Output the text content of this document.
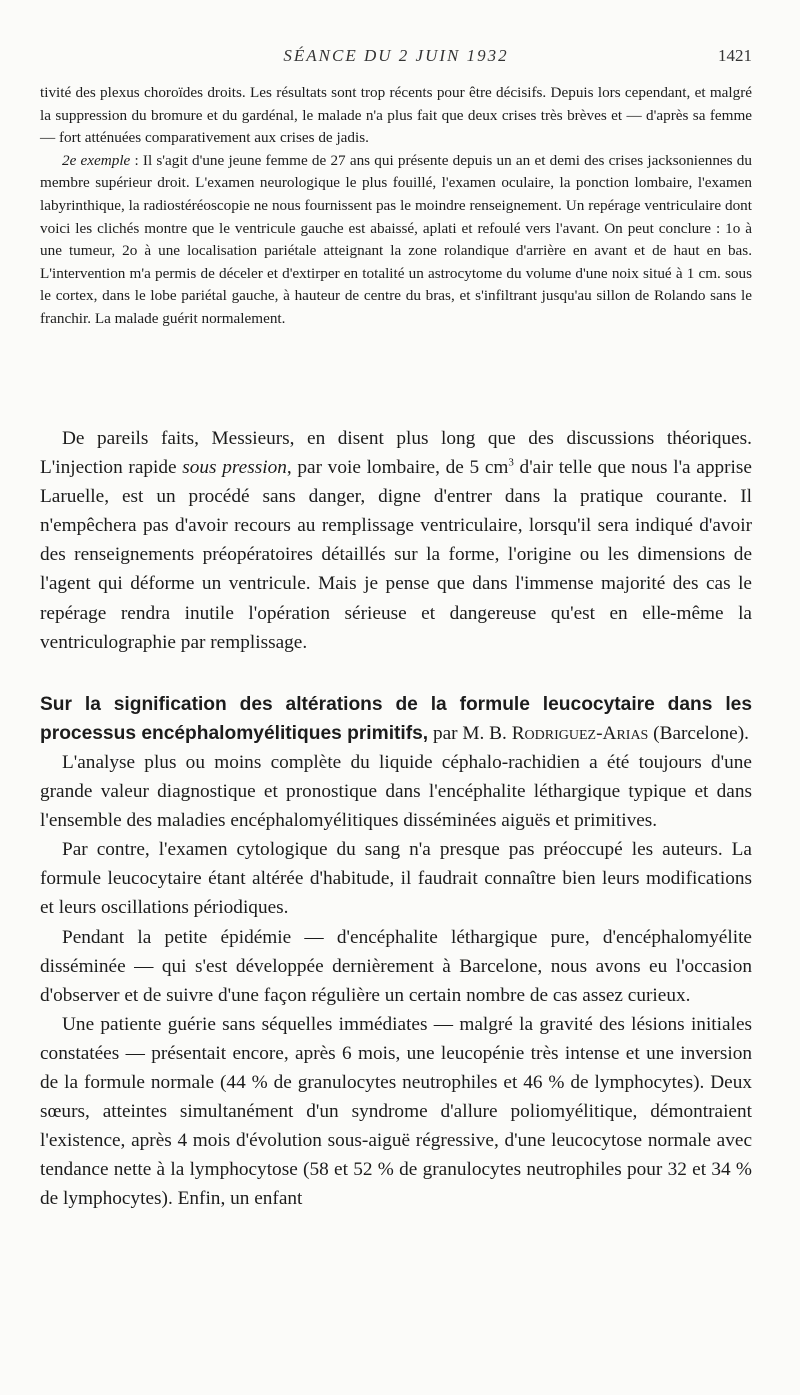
SÉANCE DU 2 JUIN 1932	1421

tivité des plexus choroïdes droits. Les résultats sont trop récents pour être décisifs. Depuis lors cependant, et malgré la suppression du bromure et du gardénal, le malade n'a plus fait que deux crises très brèves et — d'après sa femme — fort atténuées comparativement aux crises de jadis.

2e exemple : Il s'agit d'une jeune femme de 27 ans qui présente depuis un an et demi des crises jacksoniennes du membre supérieur droit. L'examen neurologique le plus fouillé, l'examen oculaire, la ponction lombaire, l'examen labyrinthique, la radiostéréoscopie ne nous fournissent pas le moindre renseignement. Un repérage ventriculaire dont voici les clichés montre que le ventricule gauche est abaissé, aplati et refoulé vers l'avant. On peut conclure : 1o à une tumeur, 2o à une localisation pariétale atteignant la zone rolandique d'arrière en avant et de haut en bas. L'intervention m'a permis de déceler et d'extirper en totalité un astrocytome du volume d'une noix situé à 1 cm. sous le cortex, dans le lobe pariétal gauche, à hauteur de centre du bras, et s'infiltrant jusqu'au sillon de Rolando sans le franchir. La malade guérit normalement.

De pareils faits, Messieurs, en disent plus long que des discussions théoriques. L'injection rapide sous pression, par voie lombaire, de 5 $cm^3$ d'air telle que nous l'a apprise Laruelle, est un procédé sans danger, digne d'entrer dans la pratique courante. Il n'empêchera pas d'avoir recours au remplissage ventriculaire, lorsqu'il sera indiqué d'avoir des renseignements préopératoires détaillés sur la forme, l'origine ou les dimensions de l'agent qui déforme un ventricule. Mais je pense que dans l'immense majorité des cas le repérage rendra inutile l'opération sérieuse et dangereuse qu'est en elle-même la ventriculographie par remplissage.

Sur la signification des altérations de la formule leucocytaire dans les processus encéphalomyélitiques primitifs, par M. B. Rodriguez-Arias (Barcelone).

L'analyse plus ou moins complète du liquide céphalo-rachidien a été toujours d'une grande valeur diagnostique et pronostique dans l'encéphalite léthargique typique et dans l'ensemble des maladies encéphalomyélitiques disséminées aiguës et primitives.

Par contre, l'examen cytologique du sang n'a presque pas préoccupé les auteurs. La formule leucocytaire étant altérée d'habitude, il faudrait connaître bien leurs modifications et leurs oscillations périodiques.

Pendant la petite épidémie — d'encéphalite léthargique pure, d'encéphalomyélite disséminée — qui s'est développée dernièrement à Barcelone, nous avons eu l'occasion d'observer et de suivre d'une façon régulière un certain nombre de cas assez curieux.

Une patiente guérie sans séquelles immédiates — malgré la gravité des lésions initiales constatées — présentait encore, après 6 mois, une leucopénie très intense et une inversion de la formule normale (44 % de granulocytes neutrophiles et 46 % de lymphocytes). Deux sœurs, atteintes simultanément d'un syndrome d'allure poliomyélitique, démontraient l'existence, après 4 mois d'évolution sous-aiguë régressive, d'une leucocytose normale avec tendance nette à la lymphocytose (58 et 52 % de granulocytes neutrophiles pour 32 et 34 % de lymphocytes). Enfin, un enfant
